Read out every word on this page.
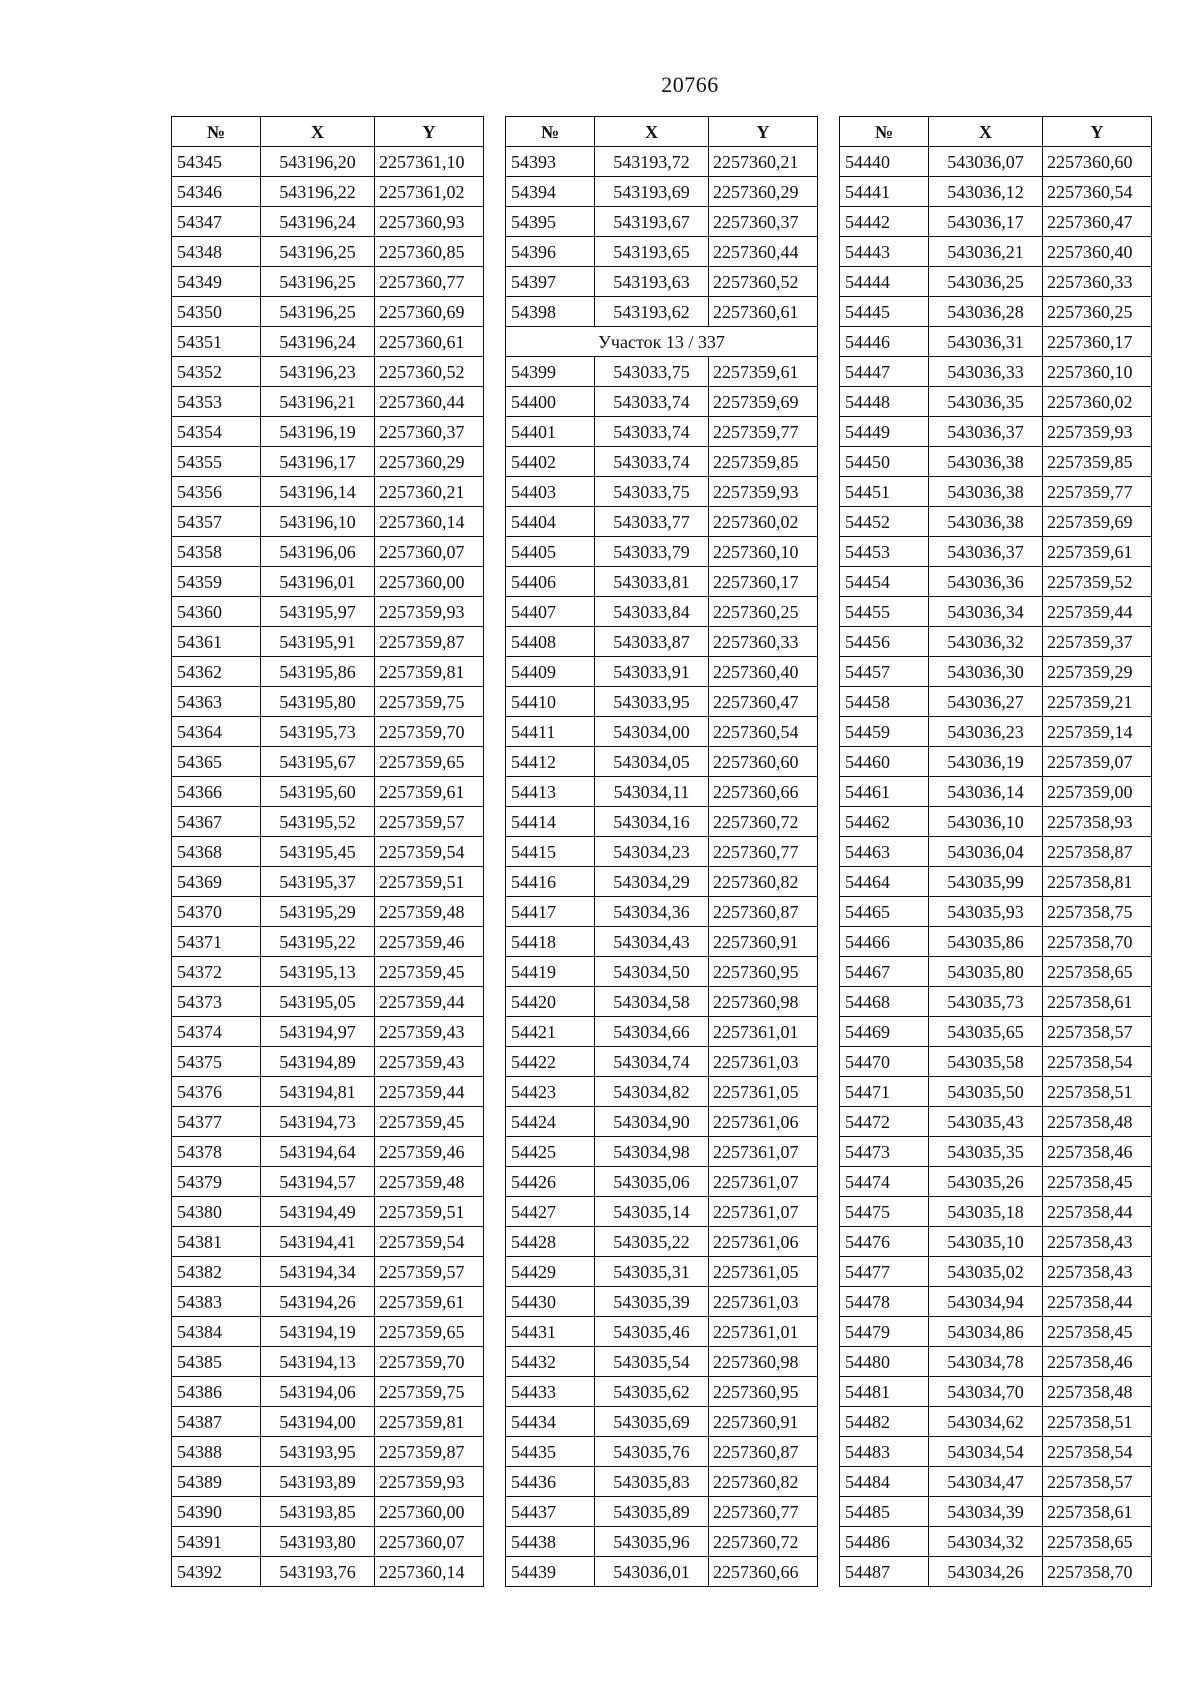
20766
№	X	Y
54345	543196,20	2257361,10
54346	543196,22	2257361,02
54347	543196,24	2257360,93
54348	543196,25	2257360,85
54349	543196,25	2257360,77
54350	543196,25	2257360,69
54351	543196,24	2257360,61
54352	543196,23	2257360,52
54353	543196,21	2257360,44
54354	543196,19	2257360,37
54355	543196,17	2257360,29
54356	543196,14	2257360,21
54357	543196,10	2257360,14
54358	543196,06	2257360,07
54359	543196,01	2257360,00
54360	543195,97	2257359,93
54361	543195,91	2257359,87
54362	543195,86	2257359,81
54363	543195,80	2257359,75
54364	543195,73	2257359,70
54365	543195,67	2257359,65
54366	543195,60	2257359,61
54367	543195,52	2257359,57
54368	543195,45	2257359,54
54369	543195,37	2257359,51
54370	543195,29	2257359,48
54371	543195,22	2257359,46
54372	543195,13	2257359,45
54373	543195,05	2257359,44
54374	543194,97	2257359,43
54375	543194,89	2257359,43
54376	543194,81	2257359,44
54377	543194,73	2257359,45
54378	543194,64	2257359,46
54379	543194,57	2257359,48
54380	543194,49	2257359,51
54381	543194,41	2257359,54
54382	543194,34	2257359,57
54383	543194,26	2257359,61
54384	543194,19	2257359,65
54385	543194,13	2257359,70
54386	543194,06	2257359,75
54387	543194,00	2257359,81
54388	543193,95	2257359,87
54389	543193,89	2257359,93
54390	543193,85	2257360,00
54391	543193,80	2257360,07
54392	543193,76	2257360,14
№	X	Y
54393	543193,72	2257360,21
54394	543193,69	2257360,29
54395	543193,67	2257360,37
54396	543193,65	2257360,44
54397	543193,63	2257360,52
54398	543193,62	2257360,61
Участок 13 / 337		
54399	543033,75	2257359,61
54400	543033,74	2257359,69
54401	543033,74	2257359,77
54402	543033,74	2257359,85
54403	543033,75	2257359,93
54404	543033,77	2257360,02
54405	543033,79	2257360,10
54406	543033,81	2257360,17
54407	543033,84	2257360,25
54408	543033,87	2257360,33
54409	543033,91	2257360,40
54410	543033,95	2257360,47
54411	543034,00	2257360,54
54412	543034,05	2257360,60
54413	543034,11	2257360,66
54414	543034,16	2257360,72
54415	543034,23	2257360,77
54416	543034,29	2257360,82
54417	543034,36	2257360,87
54418	543034,43	2257360,91
54419	543034,50	2257360,95
54420	543034,58	2257360,98
54421	543034,66	2257361,01
54422	543034,74	2257361,03
54423	543034,82	2257361,05
54424	543034,90	2257361,06
54425	543034,98	2257361,07
54426	543035,06	2257361,07
54427	543035,14	2257361,07
54428	543035,22	2257361,06
54429	543035,31	2257361,05
54430	543035,39	2257361,03
54431	543035,46	2257361,01
54432	543035,54	2257360,98
54433	543035,62	2257360,95
54434	543035,69	2257360,91
54435	543035,76	2257360,87
54436	543035,83	2257360,82
54437	543035,89	2257360,77
54438	543035,96	2257360,72
54439	543036,01	2257360,66
№	X	Y
54440	543036,07	2257360,60
54441	543036,12	2257360,54
54442	543036,17	2257360,47
54443	543036,21	2257360,40
54444	543036,25	2257360,33
54445	543036,28	2257360,25
54446	543036,31	2257360,17
54447	543036,33	2257360,10
54448	543036,35	2257360,02
54449	543036,37	2257359,93
54450	543036,38	2257359,85
54451	543036,38	2257359,77
54452	543036,38	2257359,69
54453	543036,37	2257359,61
54454	543036,36	2257359,52
54455	543036,34	2257359,44
54456	543036,32	2257359,37
54457	543036,30	2257359,29
54458	543036,27	2257359,21
54459	543036,23	2257359,14
54460	543036,19	2257359,07
54461	543036,14	2257359,00
54462	543036,10	2257358,93
54463	543036,04	2257358,87
54464	543035,99	2257358,81
54465	543035,93	2257358,75
54466	543035,86	2257358,70
54467	543035,80	2257358,65
54468	543035,73	2257358,61
54469	543035,65	2257358,57
54470	543035,58	2257358,54
54471	543035,50	2257358,51
54472	543035,43	2257358,48
54473	543035,35	2257358,46
54474	543035,26	2257358,45
54475	543035,18	2257358,44
54476	543035,10	2257358,43
54477	543035,02	2257358,43
54478	543034,94	2257358,44
54479	543034,86	2257358,45
54480	543034,78	2257358,46
54481	543034,70	2257358,48
54482	543034,62	2257358,51
54483	543034,54	2257358,54
54484	543034,47	2257358,57
54485	543034,39	2257358,61
54486	543034,32	2257358,65
54487	543034,26	2257358,70
